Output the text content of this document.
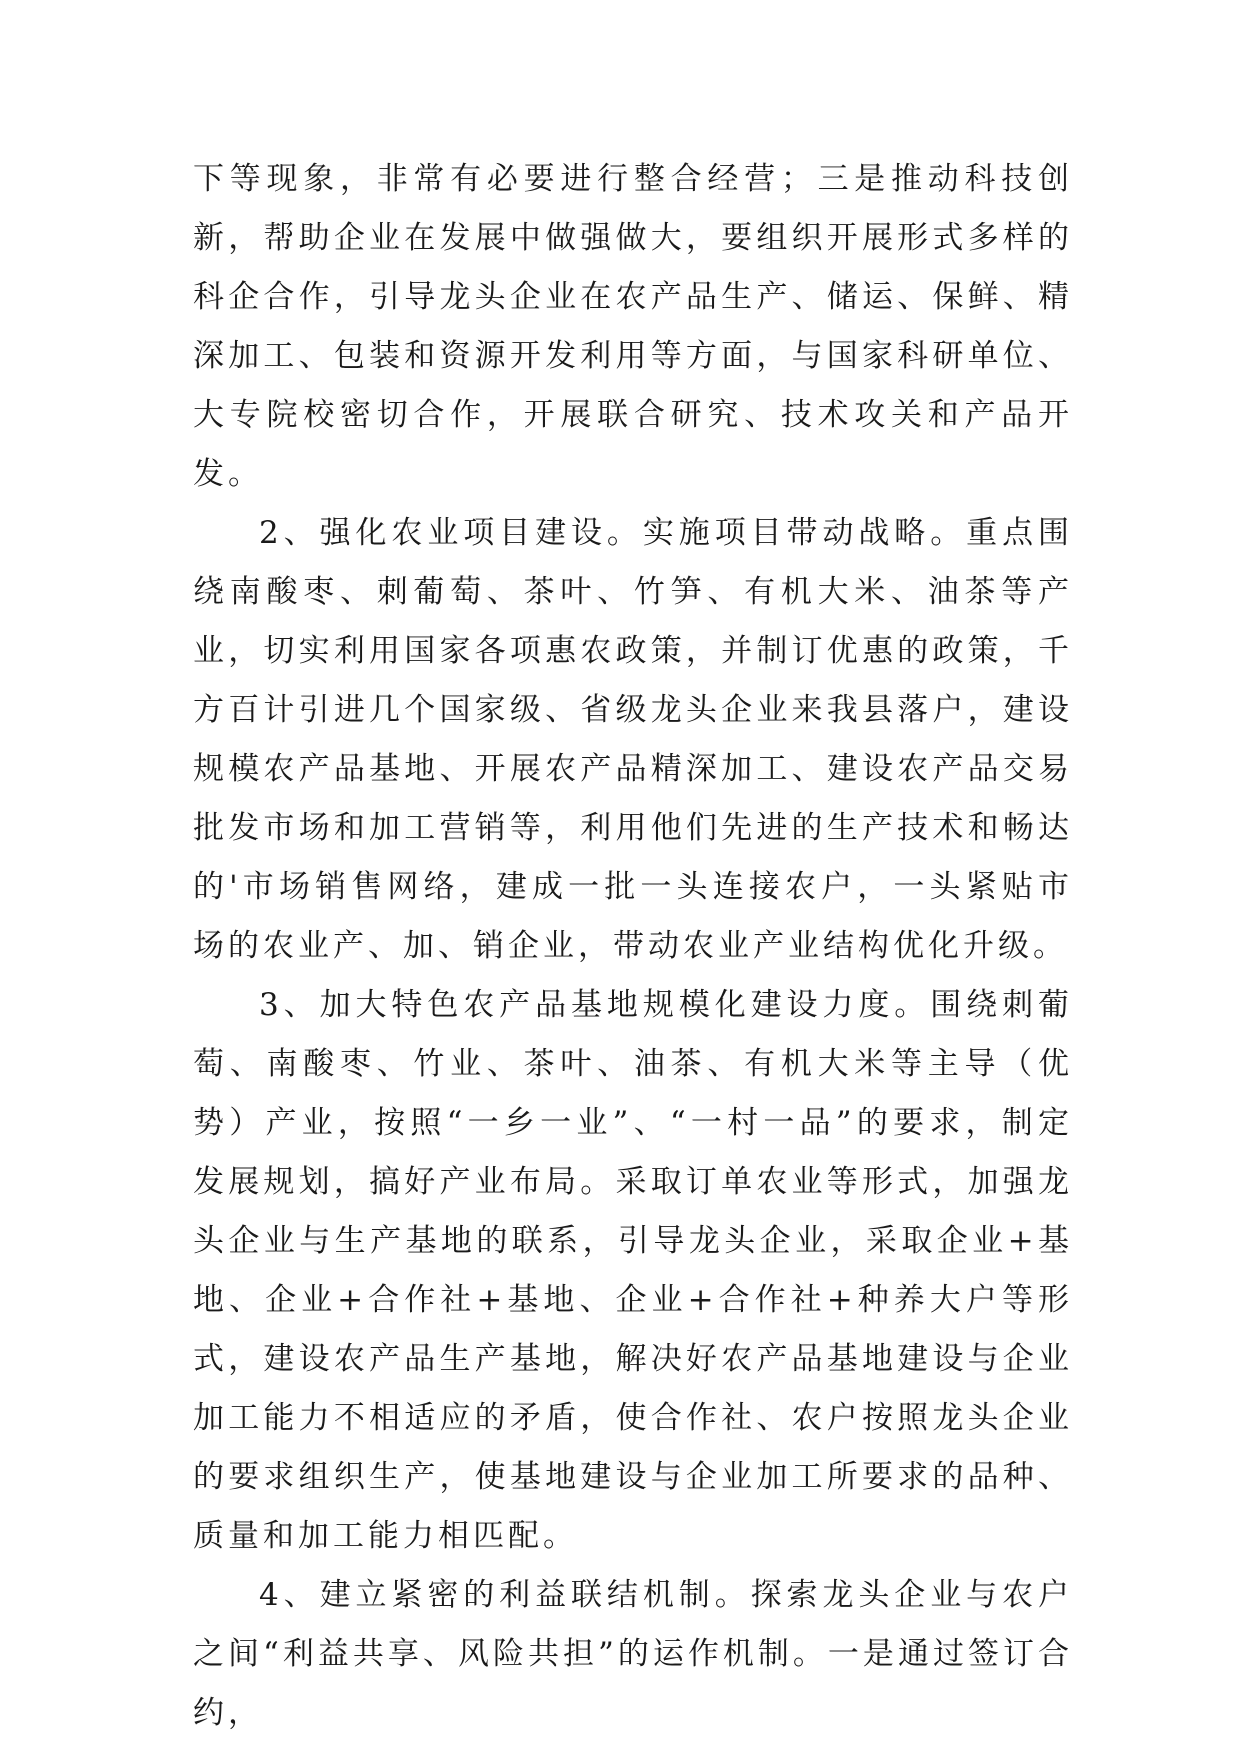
下等现象，非常有必要进行整合经营；三是推动科技创新，帮助企业在发展中做强做大，要组织开展形式多样的科企合作，引导龙头企业在农产品生产、储运、保鲜、精深加工、包装和资源开发利用等方面，与国家科研单位、大专院校密切合作，开展联合研究、技术攻关和产品开发。

2、强化农业项目建设。实施项目带动战略。重点围绕南酸枣、刺葡萄、茶叶、竹笋、有机大米、油茶等产业，切实利用国家各项惠农政策，并制订优惠的政策，千方百计引进几个国家级、省级龙头企业来我县落户，建设规模农产品基地、开展农产品精深加工、建设农产品交易批发市场和加工营销等，利用他们先进的生产技术和畅达的'市场销售网络，建成一批一头连接农户，一头紧贴市场的农业产、加、销企业，带动农业产业结构优化升级。

3、加大特色农产品基地规模化建设力度。围绕刺葡萄、南酸枣、竹业、茶叶、油茶、有机大米等主导（优势）产业，按照“一乡一业”、“一村一品”的要求，制定发展规划，搞好产业布局。采取订单农业等形式，加强龙头企业与生产基地的联系，引导龙头企业，采取企业+基地、企业+合作社+基地、企业+合作社+种养大户等形式，建设农产品生产基地，解决好农产品基地建设与企业加工能力不相适应的矛盾，使合作社、农户按照龙头企业的要求组织生产，使基地建设与企业加工所要求的品种、质量和加工能力相匹配。

4、建立紧密的利益联结机制。探索龙头企业与农户之间“利益共享、风险共担”的运作机制。一是通过签订合约，
